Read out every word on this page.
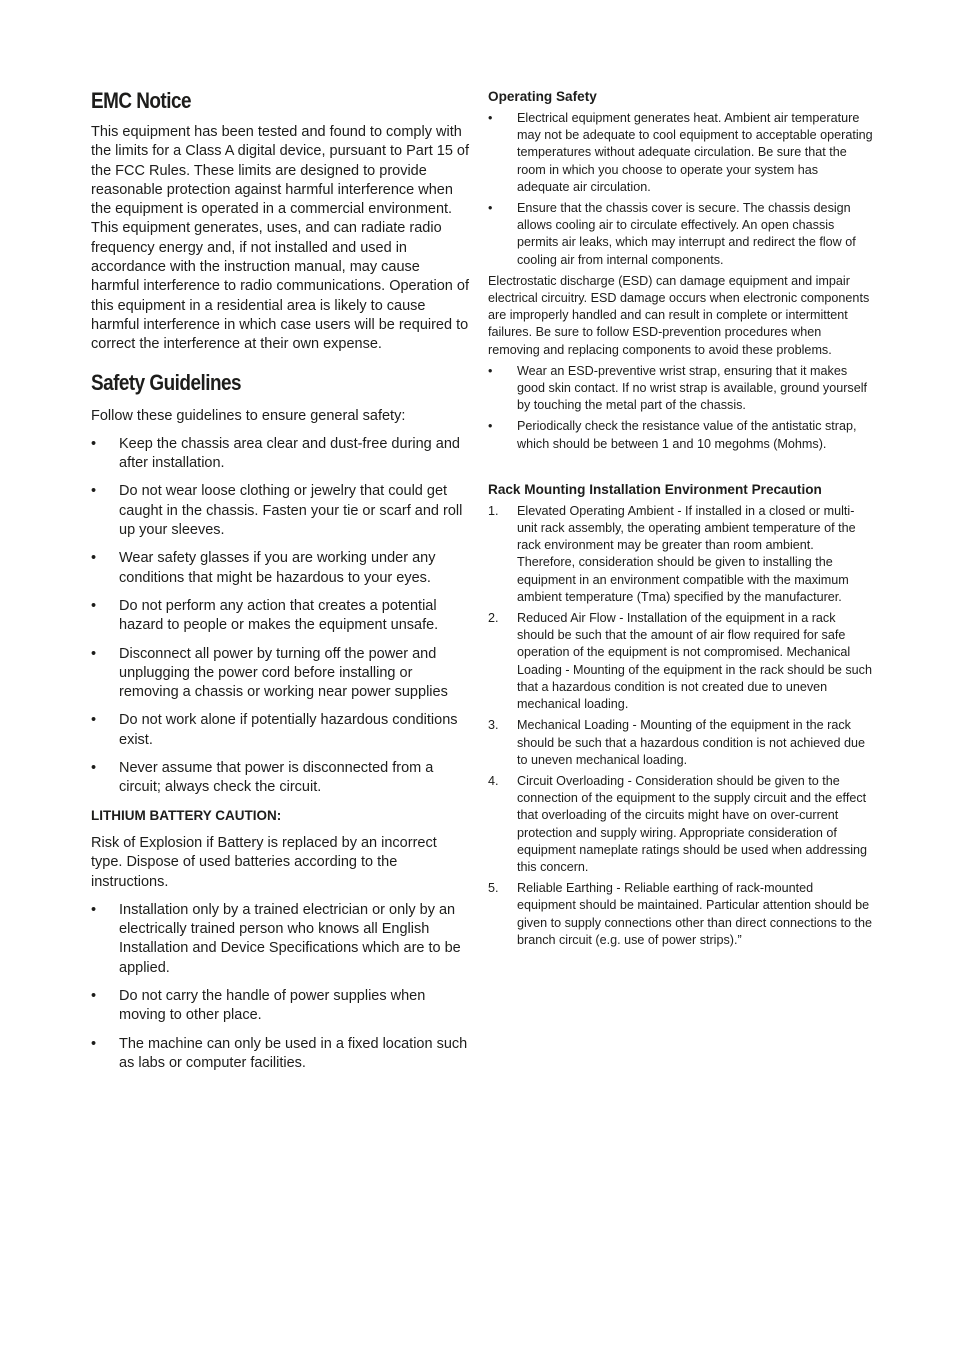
EMC Notice

This equipment has been tested and found to comply with the limits for a Class A digital device, pursuant to Part 15 of the FCC Rules. These limits are designed to provide reasonable protection against harmful interference when the equipment is operated in a commercial environment. This equipment generates, uses, and can radiate radio frequency energy and, if not installed and used in accordance with the instruction manual, may cause harmful interference to radio communications. Operation of this equipment in a residential area is likely to cause harmful interference in which case users will be required to correct the interference at their own expense.

Safety Guidelines

Follow these guidelines to ensure general safety:

• Keep the chassis area clear and dust-free during and after installation.
• Do not wear loose clothing or jewelry that could get caught in the chassis. Fasten your tie or scarf and roll up your sleeves.
• Wear safety glasses if you are working under any conditions that might be hazardous to your eyes.
• Do not perform any action that creates a potential hazard to people or makes the equipment unsafe.
• Disconnect all power by turning off the power and unplugging the power cord before installing or removing a chassis or working near power supplies
• Do not work alone if potentially hazardous conditions exist.
• Never assume that power is disconnected from a circuit; always check the circuit.

LITHIUM BATTERY CAUTION:

Risk of Explosion if Battery is replaced by an incorrect type. Dispose of used batteries according to the instructions.

• Installation only by a trained electrician or only by an electrically trained person who knows all English Installation and Device Specifications which are to be applied.
• Do not carry the handle of power supplies when moving to other place.
• The machine can only be used in a fixed location such as labs or computer facilities.
Operating Safety
• Electrical equipment generates heat. Ambient air temperature may not be adequate to cool equipment to acceptable operating temperatures without adequate circulation. Be sure that the room in which you choose to operate your system has adequate air circulation.
• Ensure that the chassis cover is secure. The chassis design allows cooling air to circulate effectively. An open chassis permits air leaks, which may interrupt and redirect the flow of cooling air from internal components.

Electrostatic discharge (ESD) can damage equipment and impair electrical circuitry. ESD damage occurs when electronic components are improperly handled and can result in complete or intermittent failures. Be sure to follow ESD-prevention procedures when removing and replacing components to avoid these problems.

• Wear an ESD-preventive wrist strap, ensuring that it makes good skin contact. If no wrist strap is available, ground yourself by touching the metal part of the chassis.
• Periodically check the resistance value of the antistatic strap, which should be between 1 and 10 megohms (Mohms).
Rack Mounting Installation Environment Precaution
1. Elevated Operating Ambient - If installed in a closed or multi-unit rack assembly, the operating ambient temperature of the rack environment may be greater than room ambient. Therefore, consideration should be given to installing the equipment in an environment compatible with the maximum ambient temperature (Tma) specified by the manufacturer.
2. Reduced Air Flow - Installation of the equipment in a rack should be such that the amount of air flow required for safe operation of the equipment is not compromised. Mechanical Loading - Mounting of the equipment in the rack should be such that a hazardous condition is not created due to uneven mechanical loading.
3. Mechanical Loading - Mounting of the equipment in the rack should be such that a hazardous condition is not achieved due to uneven mechanical loading.
4. Circuit Overloading - Consideration should be given to the connection of the equipment to the supply circuit and the effect that overloading of the circuits might have on over-current protection and supply wiring. Appropriate consideration of equipment nameplate ratings should be used when addressing this concern.
5. Reliable Earthing - Reliable earthing of rack-mounted equipment should be maintained. Particular attention should be given to supply connections other than direct connections to the branch circuit (e.g. use of power strips).”
